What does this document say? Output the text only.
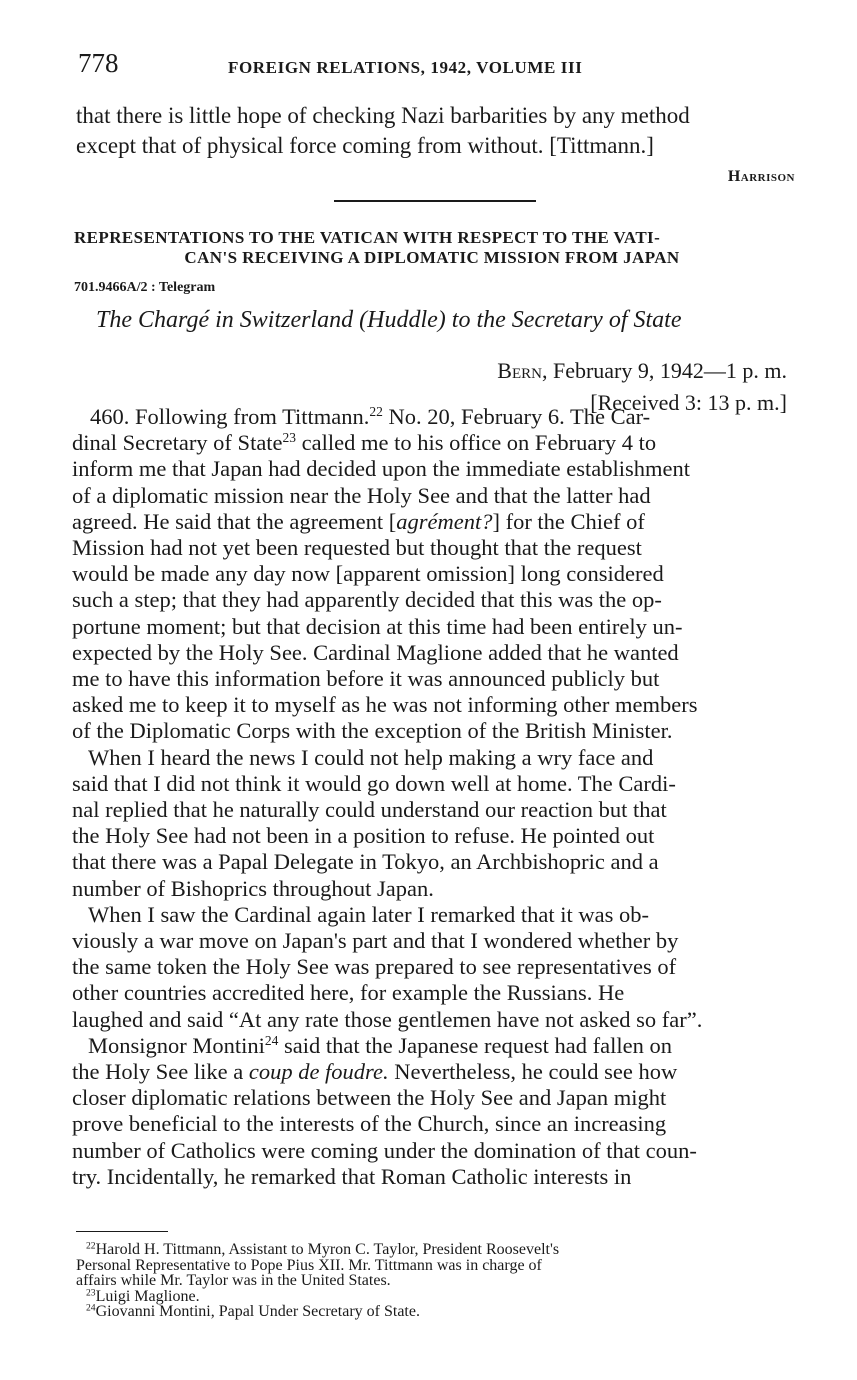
778	FOREIGN RELATIONS, 1942, VOLUME III
that there is little hope of checking Nazi barbarities by any method
except that of physical force coming from without. [Tittmann.]
Harrison
REPRESENTATIONS TO THE VATICAN WITH RESPECT TO THE VATI-
CAN'S RECEIVING A DIPLOMATIC MISSION FROM JAPAN
701.9466A/2 : Telegram
The Chargé in Switzerland (Huddle) to the Secretary of State
Bern, February 9, 1942—1 p. m.
[Received 3: 13 p. m.]
460. Following from Tittmann.$^{22}$ No. 20, February 6. The Car-
dinal Secretary of State$^{23}$ called me to his office on February 4 to
inform me that Japan had decided upon the immediate establishment
of a diplomatic mission near the Holy See and that the latter had
agreed. He said that the agreement [agrément?] for the Chief of
Mission had not yet been requested but thought that the request
would be made any day now [apparent omission] long considered
such a step; that they had apparently decided that this was the op-
portune moment; but that decision at this time had been entirely un-
expected by the Holy See. Cardinal Maglione added that he wanted
me to have this information before it was announced publicly but
asked me to keep it to myself as he was not informing other members
of the Diplomatic Corps with the exception of the British Minister.
When I heard the news I could not help making a wry face and
said that I did not think it would go down well at home. The Cardi-
nal replied that he naturally could understand our reaction but that
the Holy See had not been in a position to refuse. He pointed out
that there was a Papal Delegate in Tokyo, an Archbishopric and a
number of Bishoprics throughout Japan.
When I saw the Cardinal again later I remarked that it was ob-
viously a war move on Japan's part and that I wondered whether by
the same token the Holy See was prepared to see representatives of
other countries accredited here, for example the Russians. He
laughed and said “At any rate those gentlemen have not asked so far”.
Monsignor Montini$^{24}$ said that the Japanese request had fallen on
the Holy See like a coup de foudre. Nevertheless, he could see how
closer diplomatic relations between the Holy See and Japan might
prove beneficial to the interests of the Church, since an increasing
number of Catholics were coming under the domination of that coun-
try. Incidentally, he remarked that Roman Catholic interests in
$^{22}$Harold H. Tittmann, Assistant to Myron C. Taylor, President Roosevelt's
Personal Representative to Pope Pius XII. Mr. Tittmann was in charge of
affairs while Mr. Taylor was in the United States.
$^{23}$Luigi Maglione.
$^{24}$Giovanni Montini, Papal Under Secretary of State.
